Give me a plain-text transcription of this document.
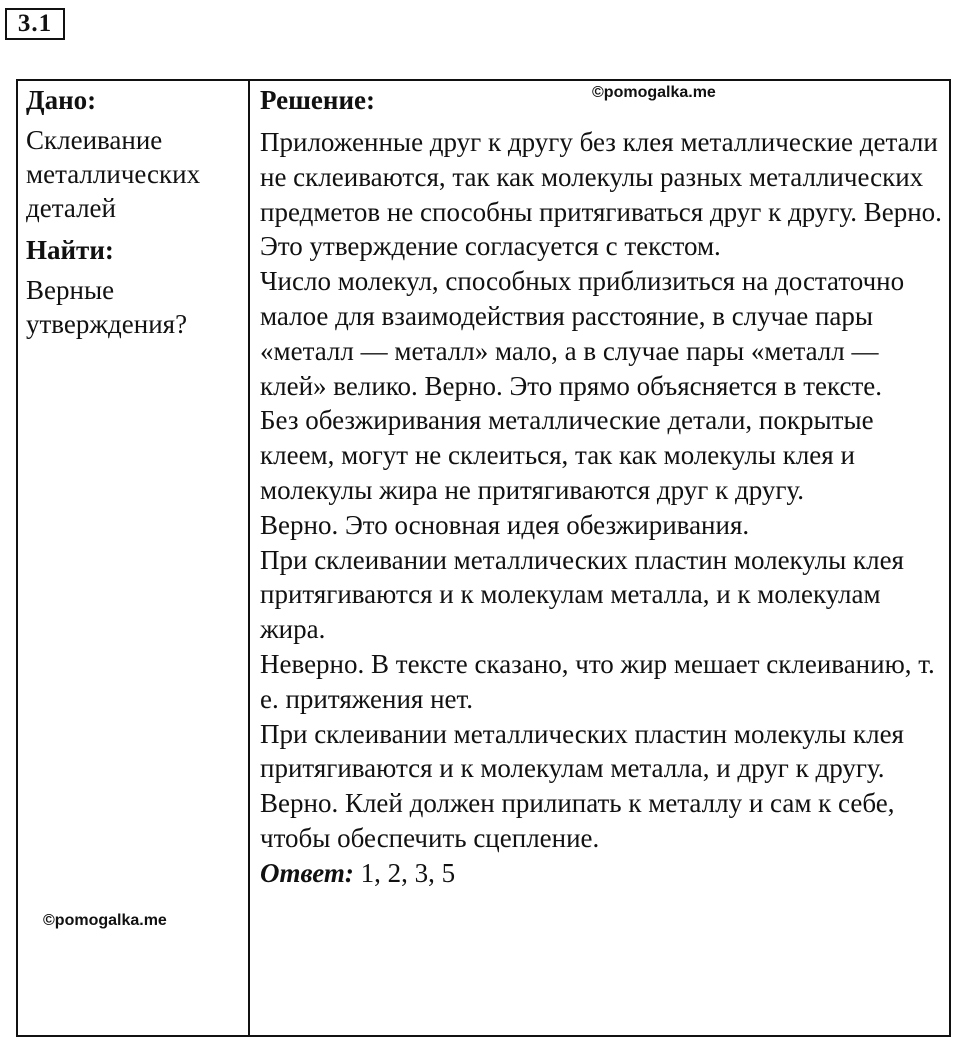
3.1

Дано:

Склеивание металлических деталей

Найти:

Верные утверждения?

Решение:

Приложенные друг к другу без клея металлические детали не склеиваются, так как молекулы разных металлических предметов не способны притягиваться друг к другу. Верно. Это утверждение согласуется с текстом.

Число молекул, способных приблизиться на достаточно малое для взаимодействия расстояние, в случае пары «металл — металл» мало, а в случае пары «металл — клей» велико. Верно. Это прямо объясняется в тексте.

Без обезжиривания металлические детали, покрытые клеем, могут не склеиться, так как молекулы клея и молекулы жира не притягиваются друг к другу.

Верно. Это основная идея обезжиривания.

При склеивании металлических пластин молекулы клея притягиваются и к молекулам металла, и к молекулам жира.

Неверно. В тексте сказано, что жир мешает склеиванию, т. е. притяжения нет.

При склеивании металлических пластин молекулы клея притягиваются и к молекулам металла, и друг к другу.

Верно. Клей должен прилипать к металлу и сам к себе, чтобы обеспечить сцепление.

Ответ: 1, 2, 3, 5

©pomogalka.me
©pomogalka.me
